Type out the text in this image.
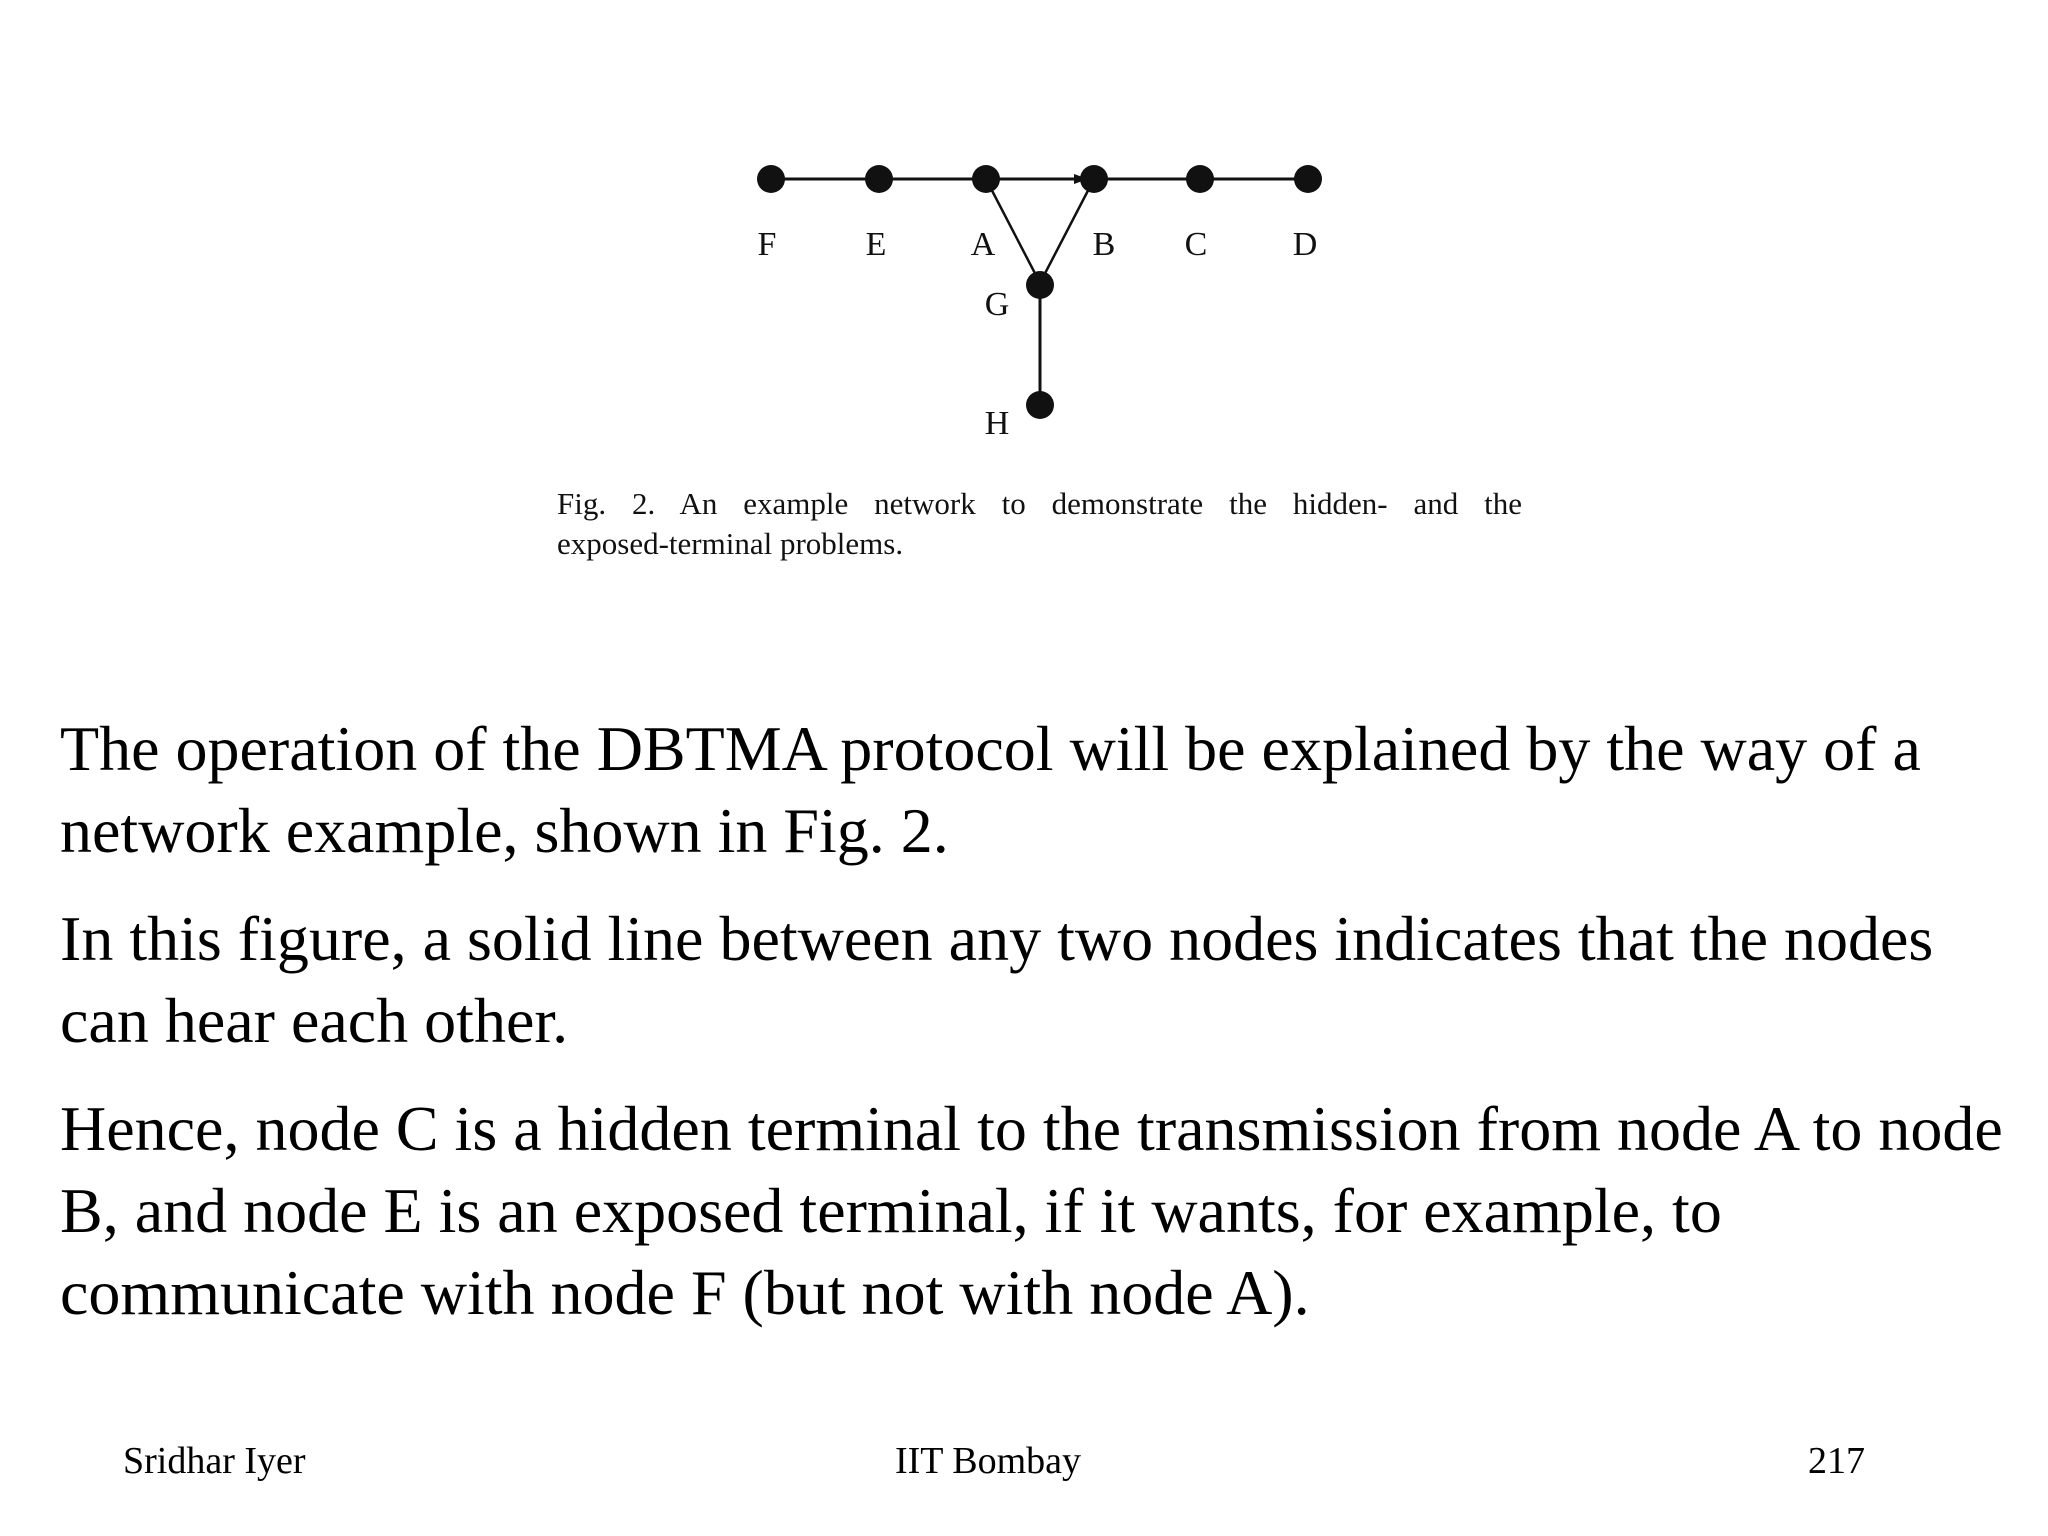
F	E A	B C	D
G
H
Fig. 2. An example network to demonstrate the hidden- and the
exposed-terminal problems.

The operation of the DBTMA protocol will be explained by the way of a network example, shown in Fig. 2.

In this figure, a solid line between any two nodes indicates that the nodes can hear each other.

Hence, node C is a hidden terminal to the transmission from node A to node B, and node E is an exposed terminal, if it wants, for example, to communicate with node F (but not with node A).

Sridhar Iyer	IIT Bombay	217
